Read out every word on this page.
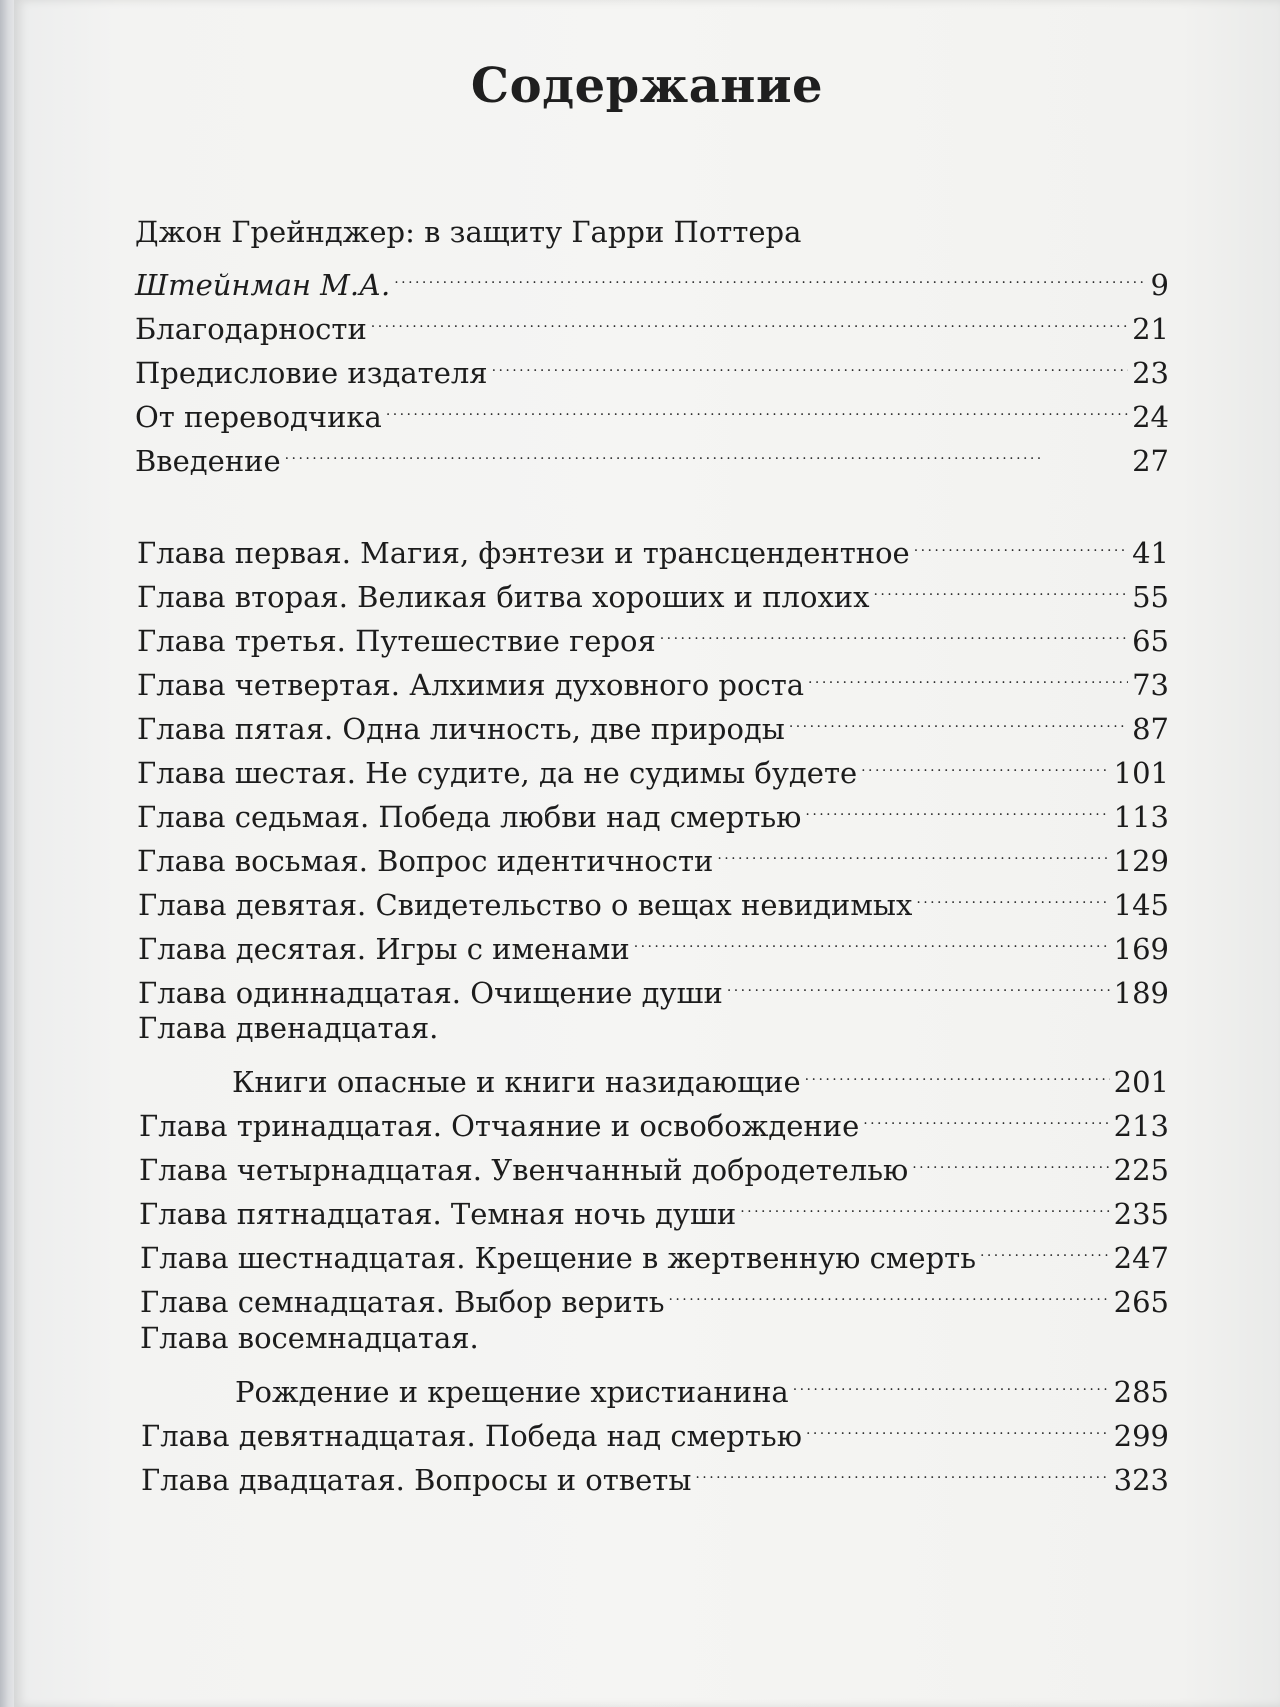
Содержание
Джон Грейнджер: в защиту Гарри Поттера
Штейнман М.А. . . .	9
Благодарности . . .	21
Предисловие издателя . . .	23
От переводчика . . .	24
Введение . . .	27
Глава первая. Магия, фэнтези и трансцендентное . . .	41
Глава вторая. Великая битва хороших и плохих . . .	55
Глава третья. Путешествие героя . . .	65
Глава четвертая. Алхимия духовного роста . . .	73
Глава пятая. Одна личность, две природы . . .	87
Глава шестая. Не судите, да не судимы будете . . .	101
Глава седьмая. Победа любви над смертью . . .	113
Глава восьмая. Вопрос идентичности . . .	129
Глава девятая. Свидетельство о вещах невидимых . . .	145
Глава десятая. Игры с именами . . .	169
Глава одиннадцатая. Очищение души . . .	189
Глава двенадцатая.
Книги опасные и книги назидающие . . .	201
Глава тринадцатая. Отчаяние и освобождение . . .	213
Глава четырнадцатая. Увенчанный добродетелью . . .	225
Глава пятнадцатая. Темная ночь души . . .	235
Глава шестнадцатая. Крещение в жертвенную смерть . . .	247
Глава семнадцатая. Выбор верить . . .	265
Глава восемнадцатая.
Рождение и крещение христианина . . .	285
Глава девятнадцатая. Победа над смертью . . .	299
Глава двадцатая. Вопросы и ответы . . .	323
